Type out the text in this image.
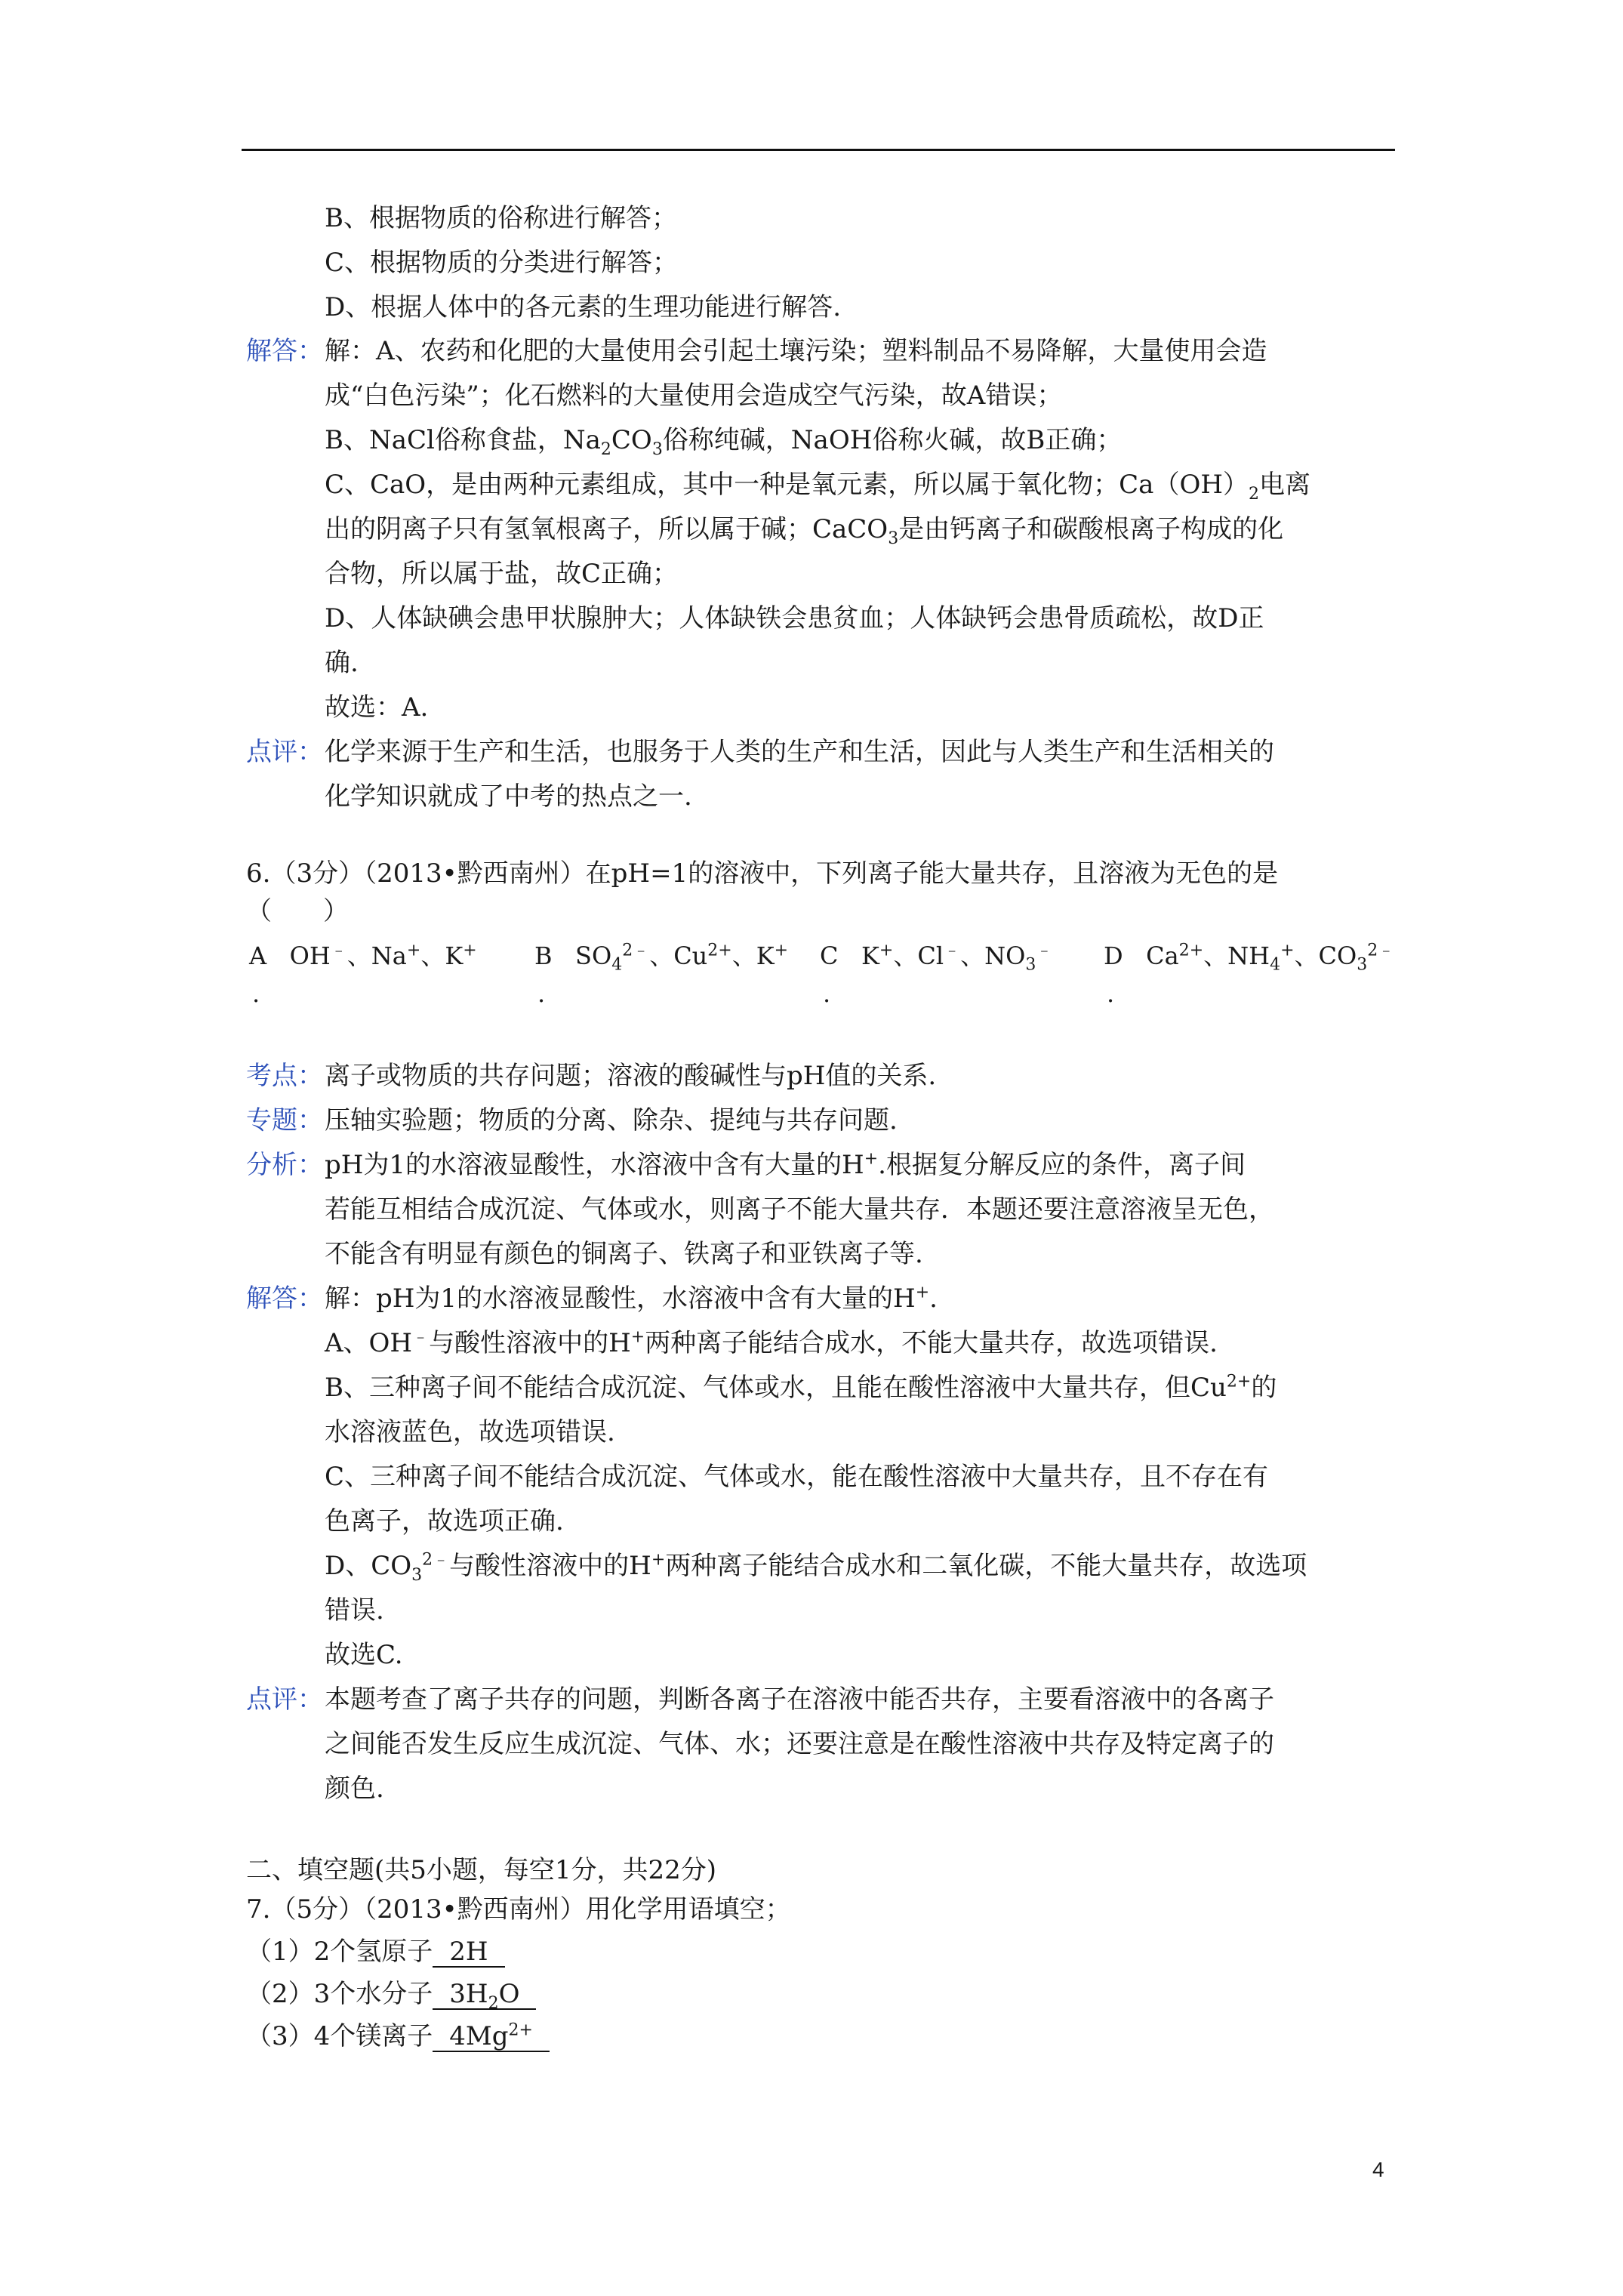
B、根据物质的俗称进行解答；
C、根据物质的分类进行解答；
D、根据人体中的各元素的生理功能进行解答.
解答： 解：A、农药和化肥的大量使用会引起土壤污染；塑料制品不易降解，大量使用会造
成“白色污染”；化石燃料的大量使用会造成空气污染，故A错误；
B、NaCl俗称食盐，$Na_2CO_3$俗称纯碱，NaOH俗称火碱，故B正确；
C、CaO，是由两种元素组成，其中一种是氧元素，所以属于氧化物；$Ca(OH)_2$电离
出的阴离子只有氢氧根离子，所以属于碱；CaCO$_3$是由钙离子和碳酸根离子构成的化
合物，所以属于盐，故C正确；
D、人体缺碘会患甲状腺肿大；人体缺铁会患贫血；人体缺钙会患骨质疏松，故D正
确.
故选：A.
点评： 化学来源于生产和生活，也服务于人类的生产和生活，因此与人类生产和生活相关的
化学知识就成了中考的热点之一.
6.（3分）（2013•黔西南州）在pH=1的溶液中，下列离子能大量共存，且溶液为无色的是
（　　）
A OH﹣、Na+、K+ B $SO_4^{2﹣}$、$Cu^{2+}$、K+ C K+、Cl﹣、$NO_3^﹣$ D $Ca^{2+}$、$NH_4^+$、$CO_3^{2﹣}$
.	.	.	.
考点： 离子或物质的共存问题；溶液的酸碱性与pH值的关系.
专题： 压轴实验题；物质的分离、除杂、提纯与共存问题.
分析： pH为1的水溶液显酸性，水溶液中含有大量的H+.根据复分解反应的条件，离子间
若能互相结合成沉淀、气体或水，则离子不能大量共存．本题还要注意溶液呈无色，
不能含有明显有颜色的铜离子、铁离子和亚铁离子等.
解答： 解：pH为1的水溶液显酸性，水溶液中含有大量的H+.
A、OH﹣与酸性溶液中的H+两种离子能结合成水，不能大量共存，故选项错误.
B、三种离子间不能结合成沉淀、气体或水，且能在酸性溶液中大量共存，但$Cu^{2+}$的
水溶液蓝色，故选项错误.
C、三种离子间不能结合成沉淀、气体或水，能在酸性溶液中大量共存，且不存在有
色离子，故选项正确.
D、$CO_3^{2﹣}$与酸性溶液中的H+两种离子能结合成水和二氧化碳，不能大量共存，故选项
错误.
故选C.
点评： 本题考查了离子共存的问题，判断各离子在溶液中能否共存，主要看溶液中的各离子
之间能否发生反应生成沉淀、气体、水；还要注意是在酸性溶液中共存及特定离子的
颜色.
二、填空题(共5小题，每空1分，共22分)
7.（5分）（2013•黔西南州）用化学用语填空；
（1）2个氢原子 2H
（2）3个水分子 $3H_2O$
（3）4个镁离子 $4Mg^{2+}$
4
